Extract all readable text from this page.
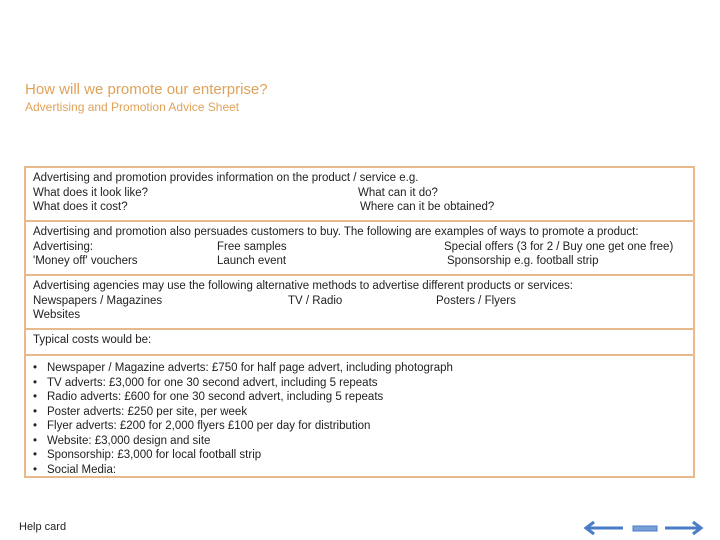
How will we promote our enterprise?
Advertising and Promotion Advice Sheet
Advertising and promotion provides information on the product / service e.g.
What does it look like?	What can it do?
What does it cost?	Where can it be obtained?
Advertising and promotion also persuades customers to buy. The following are examples of ways to promote a product:
Advertising:	Free samples	Special offers (3 for 2 / Buy one get one free)
'Money off' vouchers	Launch event	Sponsorship e.g. football strip
Advertising agencies may use the following alternative methods to advertise different products or services:
Newspapers / Magazines	TV / Radio	Posters / Flyers
Websites
Typical costs would be:
• Newspaper / Magazine adverts: £750 for half page advert, including photograph
• TV adverts: £3,000 for one 30 second advert, including 5 repeats
• Radio adverts: £600 for one 30 second advert, including 5 repeats
• Poster adverts: £250 per site, per week
• Flyer adverts: £200 for 2,000 flyers £100 per day for distribution
• Website: £3,000 design and site
• Sponsorship: £3,000 for local football strip
• Social Media:
Help card
